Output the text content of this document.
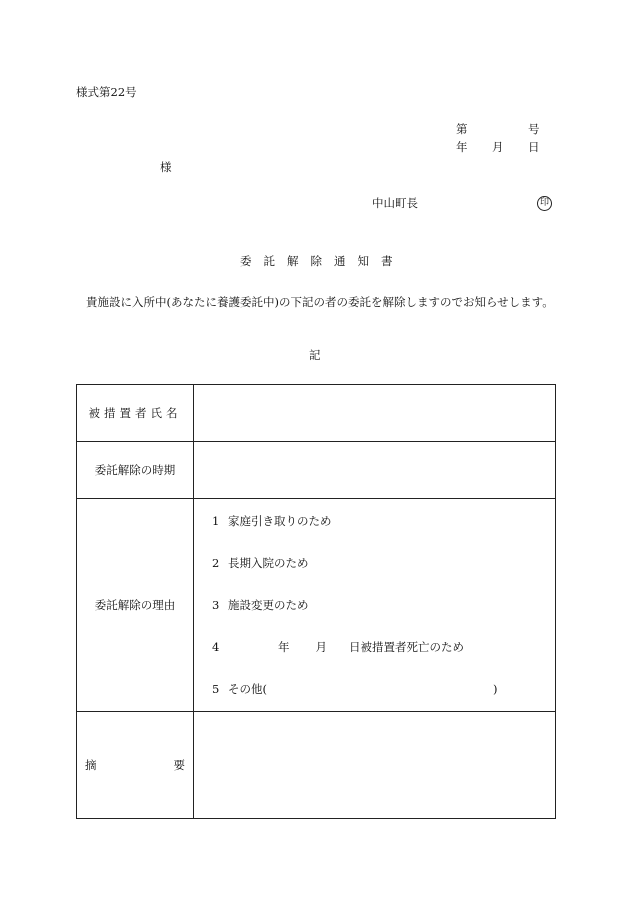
様式第22号
第	号
年 月 日
様
中山町長	印
委託解除通知書
貴施設に入所中(あなたに養護委託中)の下記の者の委託を解除しますのでお知らせします。
記
被措置者氏名	
委託解除の時期	
委託解除の理由	1 家庭引き取りのため
2 長期入院のため
3 施設変更のため
4 年 月 日被措置者死亡のため
5 その他( )

摘 要	
